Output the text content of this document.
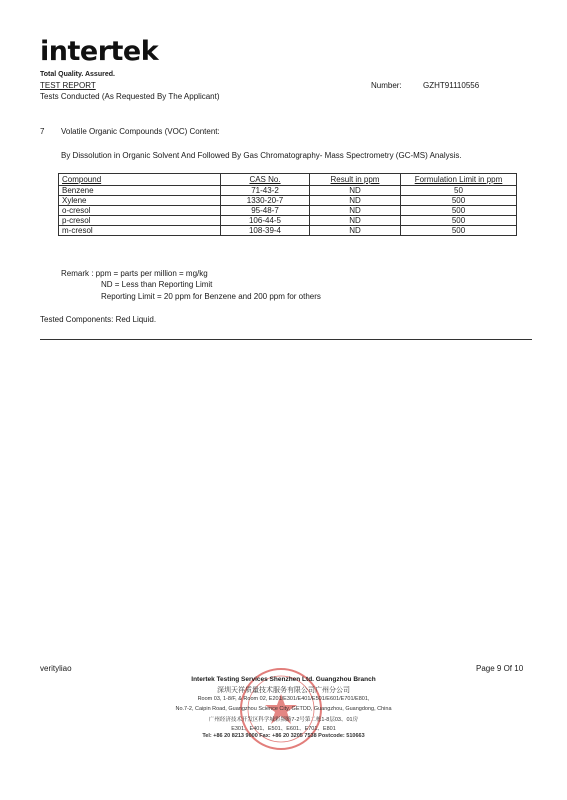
intertek
Total Quality. Assured.
TEST REPORT
Tests Conducted (As Requested By The Applicant)
Number:	GZHT91110556
7 Volatile Organic Compounds (VOC) Content:
By Dissolution in Organic Solvent And Followed By Gas Chromatography- Mass Spectrometry (GC-MS) Analysis.
Compound	CAS No.	Result in ppm	Formulation Limit in ppm
Benzene	71-43-2	ND	50
Xylene	1330-20-7	ND	500
o-cresol	95-48-7	ND	500
p-cresol	106-44-5	ND	500
m-cresol	108-39-4	ND	500
Remark : ppm = parts per million = mg/kg
ND = Less than Reporting Limit
Reporting Limit = 20 ppm for Benzene and 200 ppm for others
Tested Components: Red Liquid.
verityliao	Page 9 Of 10
Intertek Testing Services Shenzhen Ltd. Guangzhou Branch
深圳天祥质量技术服务有限公司广州分公司
Room 03, 1-8/F, & Room 02, E201/E301/E401/E501/E601/E701/E801,
No.7-2, Caipin Road, Guangzhou Science City, GETDD, Guangzhou, Guangdong, China
广州经济技术开发区科学城彩频路7-2号第二栋1-8层03、01房
E301、E401、E501、E601、E701、E801
Tel: +86 20 8213 9000 Fax: +86 20 3205 7538 Postcode: 510663
